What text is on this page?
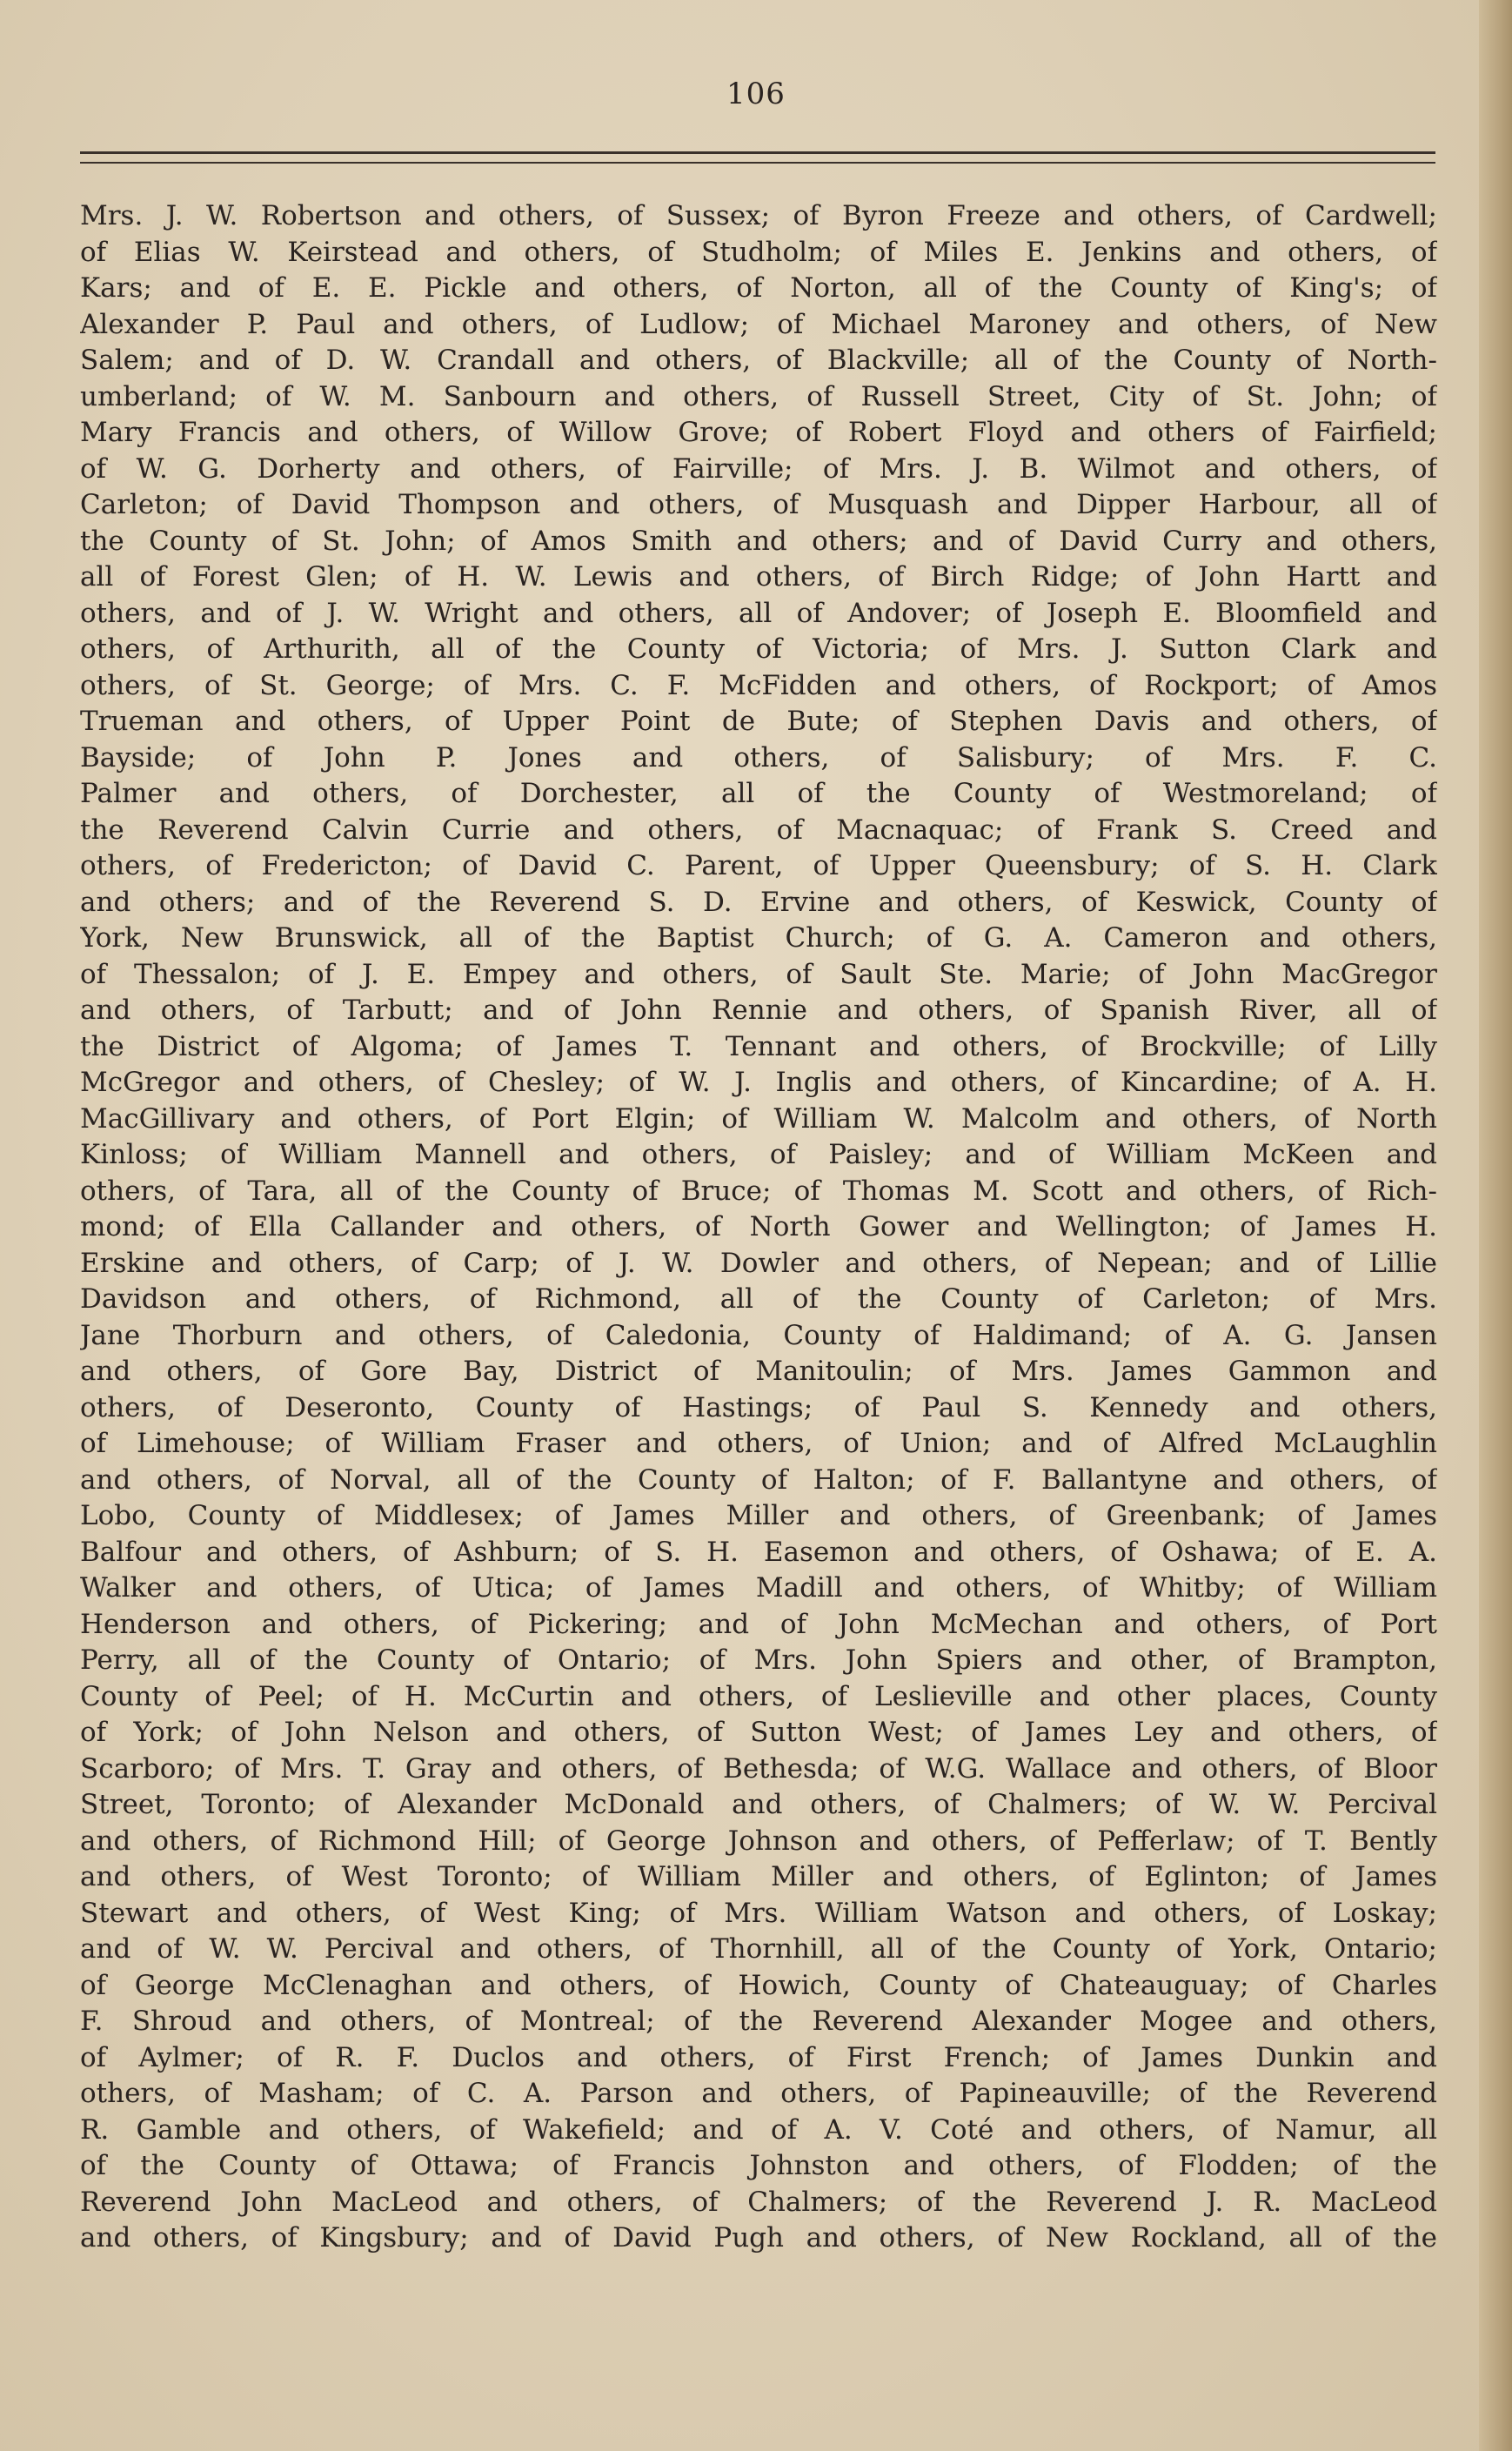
106
Mrs. J. W. Robertson and others, of Sussex; of Byron Freeze and others, of Cardwell;
of Elias W. Keirstead and others, of Studholm; of Miles E. Jenkins and others, of
Kars; and of E. E. Pickle and others, of Norton, all of the County of King's; of
Alexander P. Paul and others, of Ludlow; of Michael Maroney and others, of New
Salem; and of D. W. Crandall and others, of Blackville; all of the County of North-
umberland; of W. M. Sanbourn and others, of Russell Street, City of St. John; of
Mary Francis and others, of Willow Grove; of Robert Floyd and others of Fairfield;
of W. G. Dorherty and others, of Fairville; of Mrs. J. B. Wilmot and others, of
Carleton; of David Thompson and others, of Musquash and Dipper Harbour, all of
the County of St. John; of Amos Smith and others; and of David Curry and others,
all of Forest Glen; of H. W. Lewis and others, of Birch Ridge; of John Hartt and
others, and of J. W. Wright and others, all of Andover; of Joseph E. Bloomfield and
others, of Arthurith, all of the County of Victoria; of Mrs. J. Sutton Clark and
others, of St. George; of Mrs. C. F. McFidden and others, of Rockport; of Amos
Trueman and others, of Upper Point de Bute; of Stephen Davis and others, of
Bayside; of John P. Jones and others, of Salisbury; of Mrs. F. C.
Palmer and others, of Dorchester, all of the County of Westmoreland; of
the Reverend Calvin Currie and others, of Macnaquac; of Frank S. Creed and
others, of Fredericton; of David C. Parent, of Upper Queensbury; of S. H. Clark
and others; and of the Reverend S. D. Ervine and others, of Keswick, County of
York, New Brunswick, all of the Baptist Church; of G. A. Cameron and others,
of Thessalon; of J. E. Empey and others, of Sault Ste. Marie; of John MacGregor
and others, of Tarbutt; and of John Rennie and others, of Spanish River, all of
the District of Algoma; of James T. Tennant and others, of Brockville; of Lilly
McGregor and others, of Chesley; of W. J. Inglis and others, of Kincardine; of A. H.
MacGillivary and others, of Port Elgin; of William W. Malcolm and others, of North
Kinloss; of William Mannell and others, of Paisley; and of William McKeen and
others, of Tara, all of the County of Bruce; of Thomas M. Scott and others, of Rich-
mond; of Ella Callander and others, of North Gower and Wellington; of James H.
Erskine and others, of Carp; of J. W. Dowler and others, of Nepean; and of Lillie
Davidson and others, of Richmond, all of the County of Carleton; of Mrs.
Jane Thorburn and others, of Caledonia, County of Haldimand; of A. G. Jansen
and others, of Gore Bay, District of Manitoulin; of Mrs. James Gammon and
others, of Deseronto, County of Hastings; of Paul S. Kennedy and others,
of Limehouse; of William Fraser and others, of Union; and of Alfred McLaughlin
and others, of Norval, all of the County of Halton; of F. Ballantyne and others, of
Lobo, County of Middlesex; of James Miller and others, of Greenbank; of James
Balfour and others, of Ashburn; of S. H. Easemon and others, of Oshawa; of E. A.
Walker and others, of Utica; of James Madill and others, of Whitby; of William
Henderson and others, of Pickering; and of John McMechan and others, of Port
Perry, all of the County of Ontario; of Mrs. John Spiers and other, of Brampton,
County of Peel; of H. McCurtin and others, of Leslieville and other places, County
of York; of John Nelson and others, of Sutton West; of James Ley and others, of
Scarboro; of Mrs. T. Gray and others, of Bethesda; of W.G. Wallace and others, of Bloor
Street, Toronto; of Alexander McDonald and others, of Chalmers; of W. W. Percival
and others, of Richmond Hill; of George Johnson and others, of Pefferlaw; of T. Bently
and others, of West Toronto; of William Miller and others, of Eglinton; of James
Stewart and others, of West King; of Mrs. William Watson and others, of Loskay;
and of W. W. Percival and others, of Thornhill, all of the County of York, Ontario;
of George McClenaghan and others, of Howich, County of Chateauguay; of Charles
F. Shroud and others, of Montreal; of the Reverend Alexander Mogee and others,
of Aylmer; of R. F. Duclos and others, of First French; of James Dunkin and
others, of Masham; of C. A. Parson and others, of Papineauville; of the Reverend
R. Gamble and others, of Wakefield; and of A. V. Coté and others, of Namur, all
of the County of Ottawa; of Francis Johnston and others, of Flodden; of the
Reverend John MacLeod and others, of Chalmers; of the Reverend J. R. MacLeod
and others, of Kingsbury; and of David Pugh and others, of New Rockland, all of the
